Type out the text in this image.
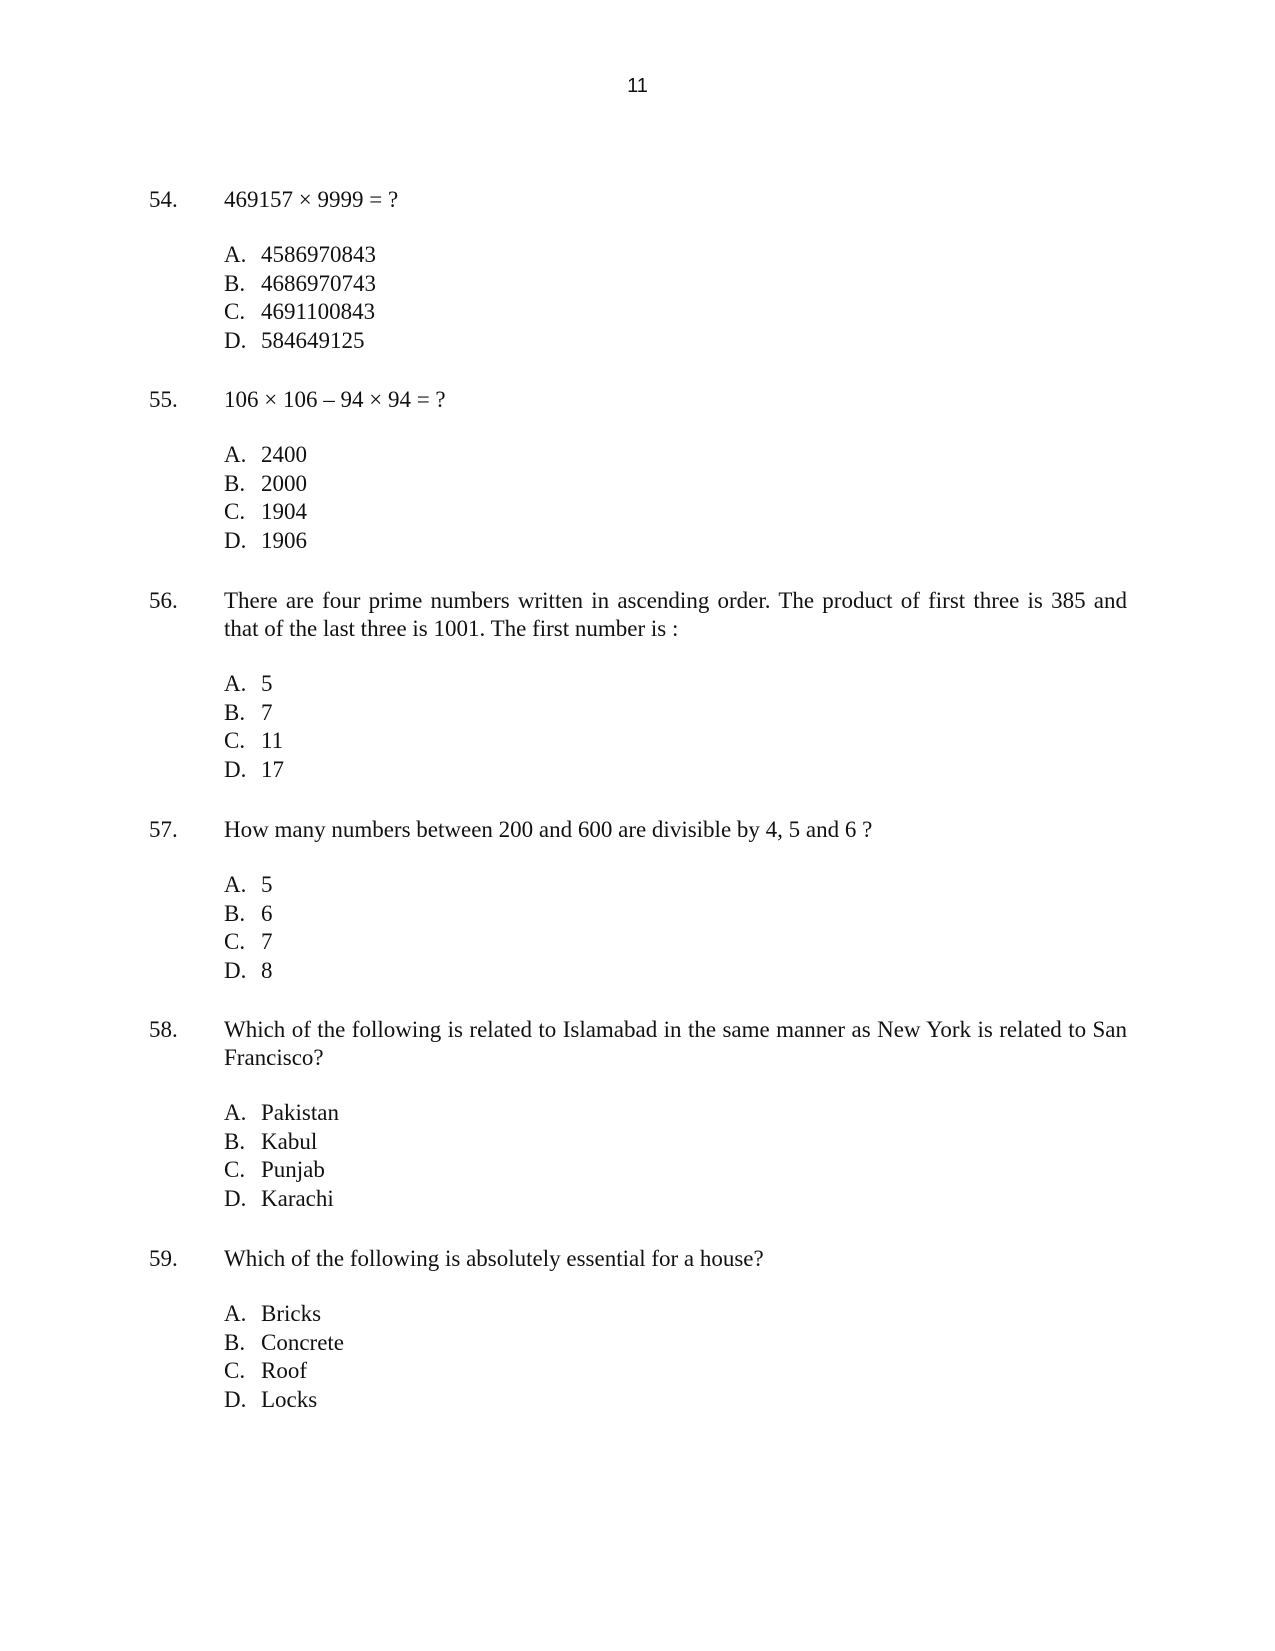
11
54. 469157 × 9999 = ?
A. 4586970843
B. 4686970743
C. 4691100843
D. 584649125
55. 106 × 106 – 94 × 94 = ?
A. 2400
B. 2000
C. 1904
D. 1906
56. There are four prime numbers written in ascending order. The product of first three is 385 and that of the last three is 1001. The first number is :
A. 5
B. 7
C. 11
D. 17
57. How many numbers between 200 and 600 are divisible by 4, 5 and 6 ?
A. 5
B. 6
C. 7
D. 8
58. Which of the following is related to Islamabad in the same manner as New York is related to San Francisco?
A. Pakistan
B. Kabul
C. Punjab
D. Karachi
59. Which of the following is absolutely essential for a house?
A. Bricks
B. Concrete
C. Roof
D. Locks
